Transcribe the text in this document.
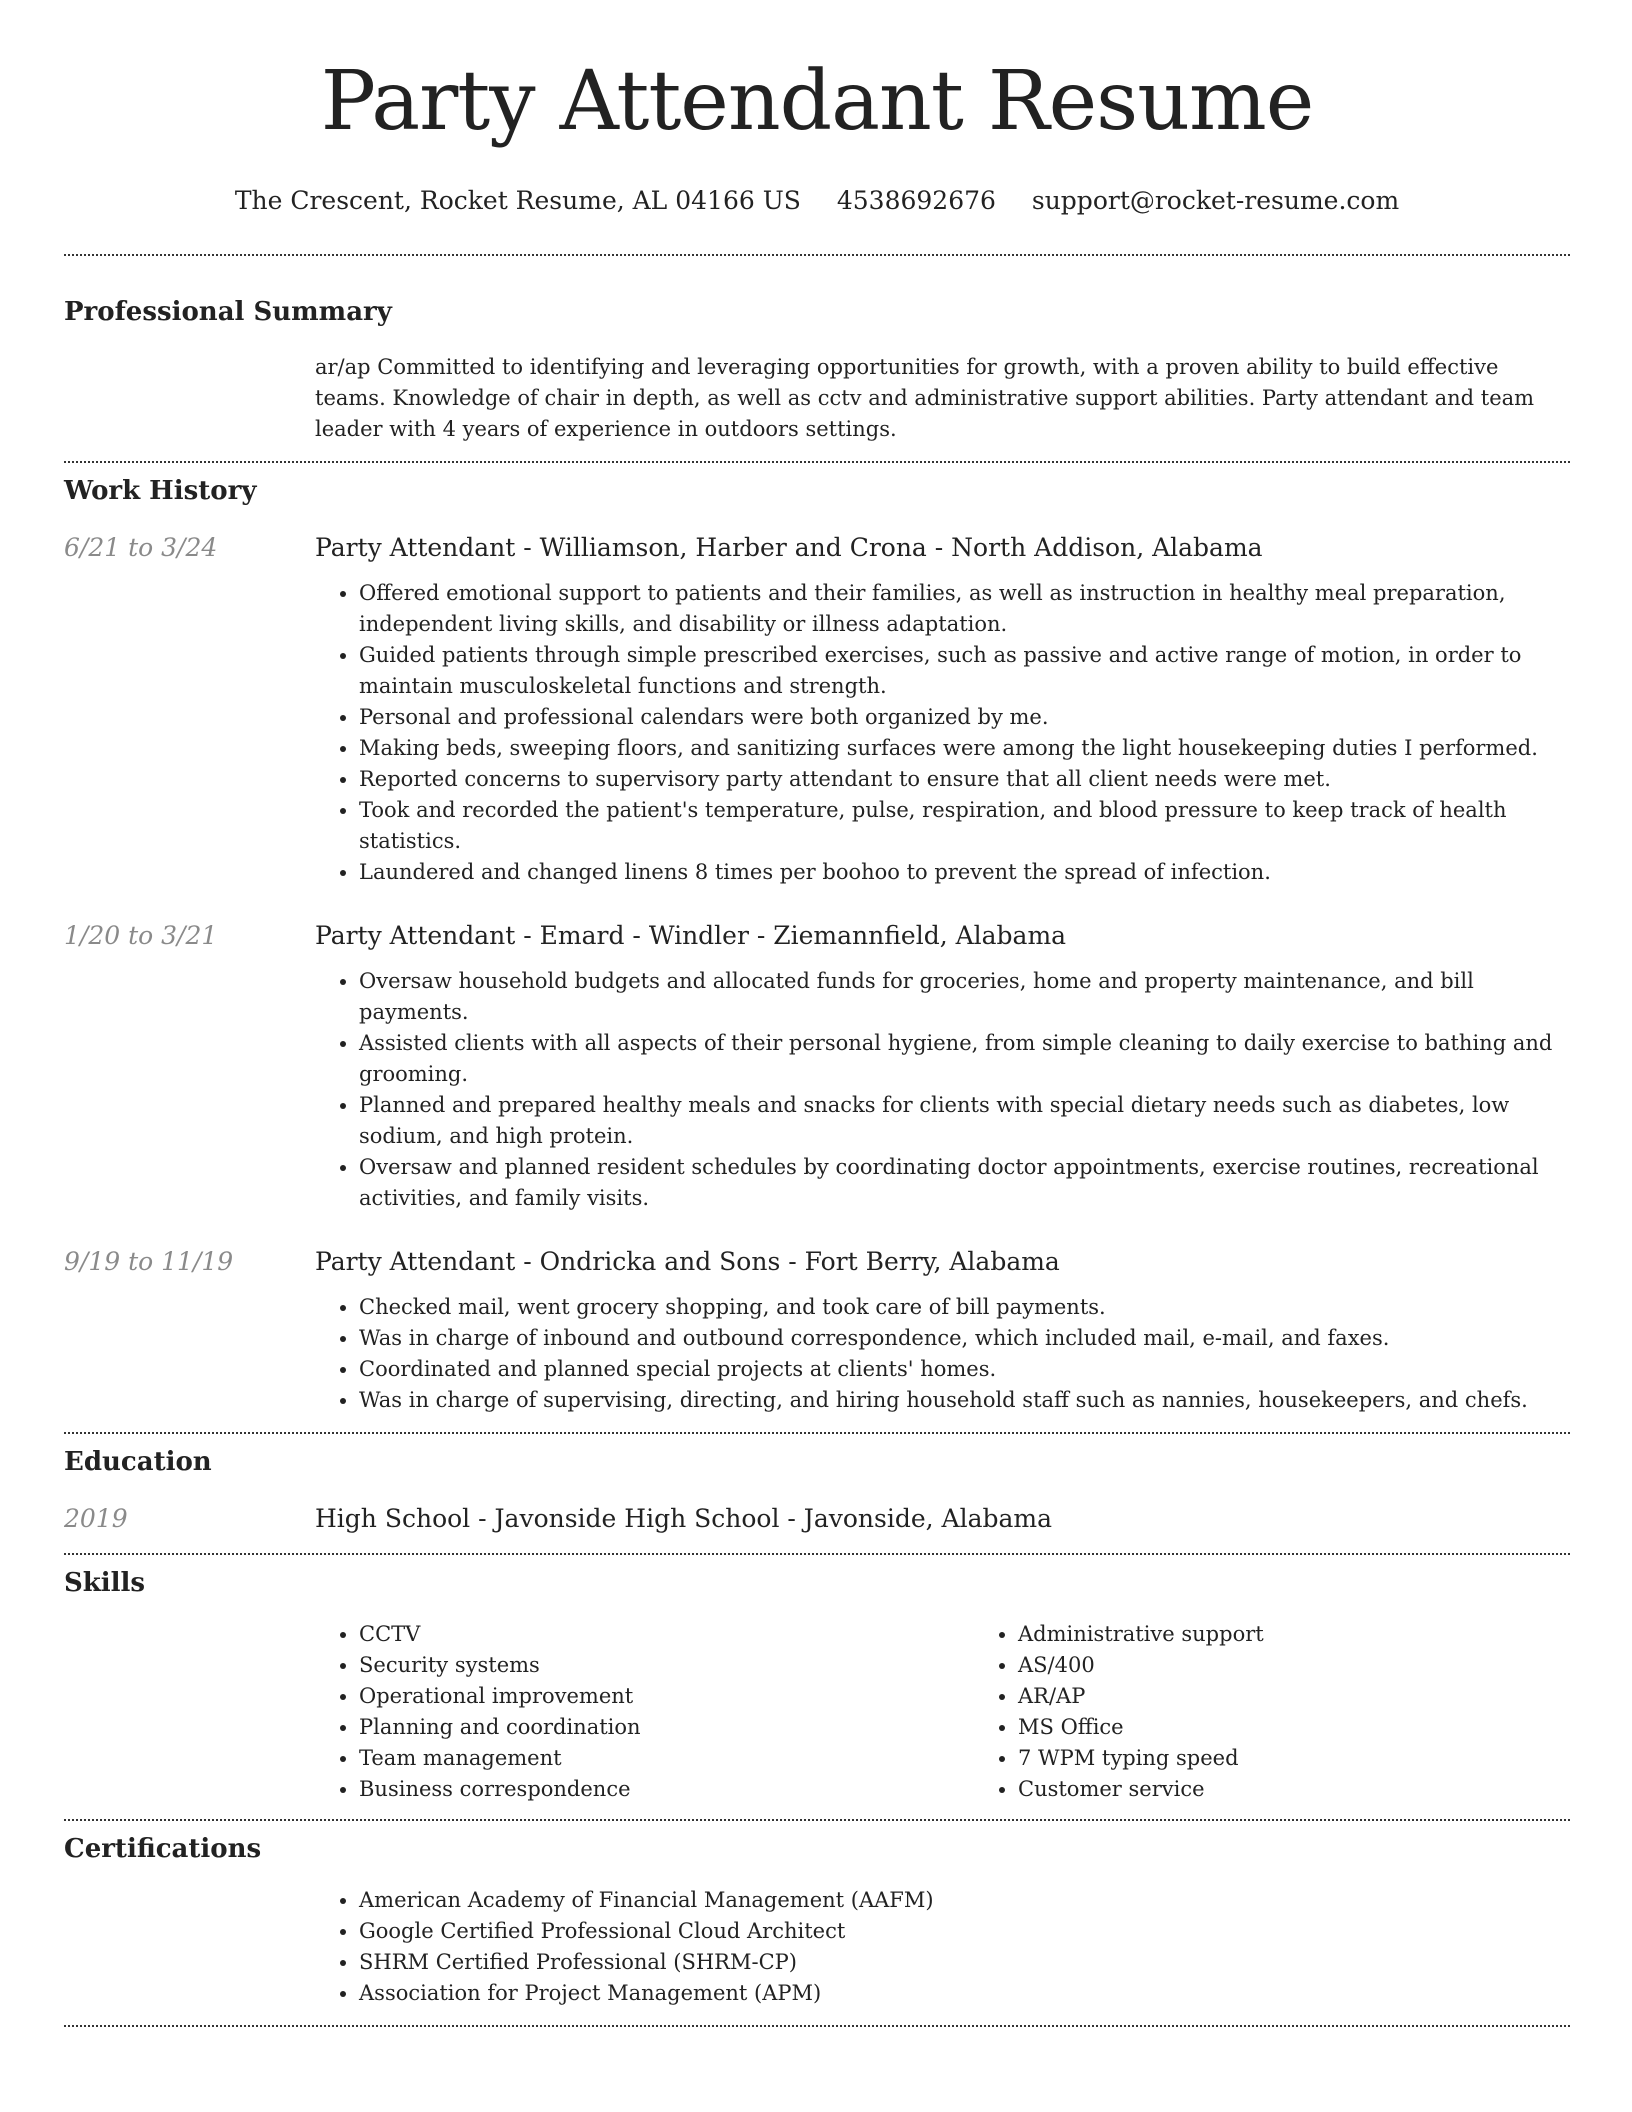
Party Attendant Resume
The Crescent, Rocket Resume, AL 04166 US 4538692676 support@rocket-resume.com
Professional Summary
ar/ap Committed to identifying and leveraging opportunities for growth, with a proven ability to build effective teams. Knowledge of chair in depth, as well as cctv and administrative support abilities. Party attendant and team leader with 4 years of experience in outdoors settings.
Work History
6/21 to 3/24	Party Attendant - Williamson, Harber and Crona - North Addison, Alabama
• Offered emotional support to patients and their families, as well as instruction in healthy meal preparation, independent living skills, and disability or illness adaptation.
• Guided patients through simple prescribed exercises, such as passive and active range of motion, in order to maintain musculoskeletal functions and strength.
• Personal and professional calendars were both organized by me.
• Making beds, sweeping floors, and sanitizing surfaces were among the light housekeeping duties I performed.
• Reported concerns to supervisory party attendant to ensure that all client needs were met.
• Took and recorded the patient's temperature, pulse, respiration, and blood pressure to keep track of health statistics.
• Laundered and changed linens 8 times per boohoo to prevent the spread of infection.
1/20 to 3/21	Party Attendant - Emard - Windler - Ziemannfield, Alabama
• Oversaw household budgets and allocated funds for groceries, home and property maintenance, and bill payments.
• Assisted clients with all aspects of their personal hygiene, from simple cleaning to daily exercise to bathing and grooming.
• Planned and prepared healthy meals and snacks for clients with special dietary needs such as diabetes, low sodium, and high protein.
• Oversaw and planned resident schedules by coordinating doctor appointments, exercise routines, recreational activities, and family visits.
9/19 to 11/19	Party Attendant - Ondricka and Sons - Fort Berry, Alabama
• Checked mail, went grocery shopping, and took care of bill payments.
• Was in charge of inbound and outbound correspondence, which included mail, e-mail, and faxes.
• Coordinated and planned special projects at clients' homes.
• Was in charge of supervising, directing, and hiring household staff such as nannies, housekeepers, and chefs.
Education
2019	High School - Javonside High School - Javonside, Alabama
Skills
• CCTV
• Security systems
• Operational improvement
• Planning and coordination
• Team management
• Business correspondence
• Administrative support
• AS/400
• AR/AP
• MS Office
• 7 WPM typing speed
• Customer service
Certifications
• American Academy of Financial Management (AAFM)
• Google Certified Professional Cloud Architect
• SHRM Certified Professional (SHRM-CP)
• Association for Project Management (APM)
